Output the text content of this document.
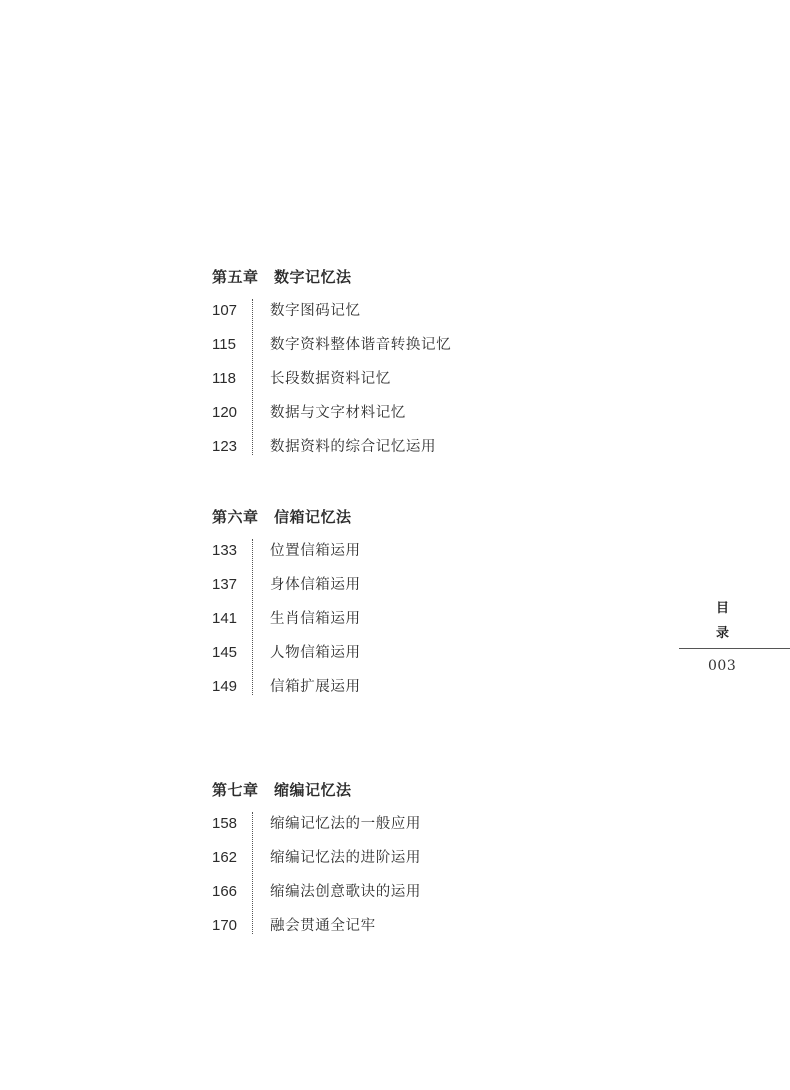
第五章 数字记忆法
107 数字图码记忆
115 数字资料整体谐音转换记忆
118 长段数据资料记忆
120 数据与文字材料记忆
123 数据资料的综合记忆运用
第六章 信箱记忆法
133 位置信箱运用
137 身体信箱运用
141 生肖信箱运用
145 人物信箱运用
149 信箱扩展运用
第七章 缩编记忆法
158 缩编记忆法的一般应用
162 缩编记忆法的进阶运用
166 缩编法创意歌诀的运用
170 融会贯通全记牢
目
录
003
